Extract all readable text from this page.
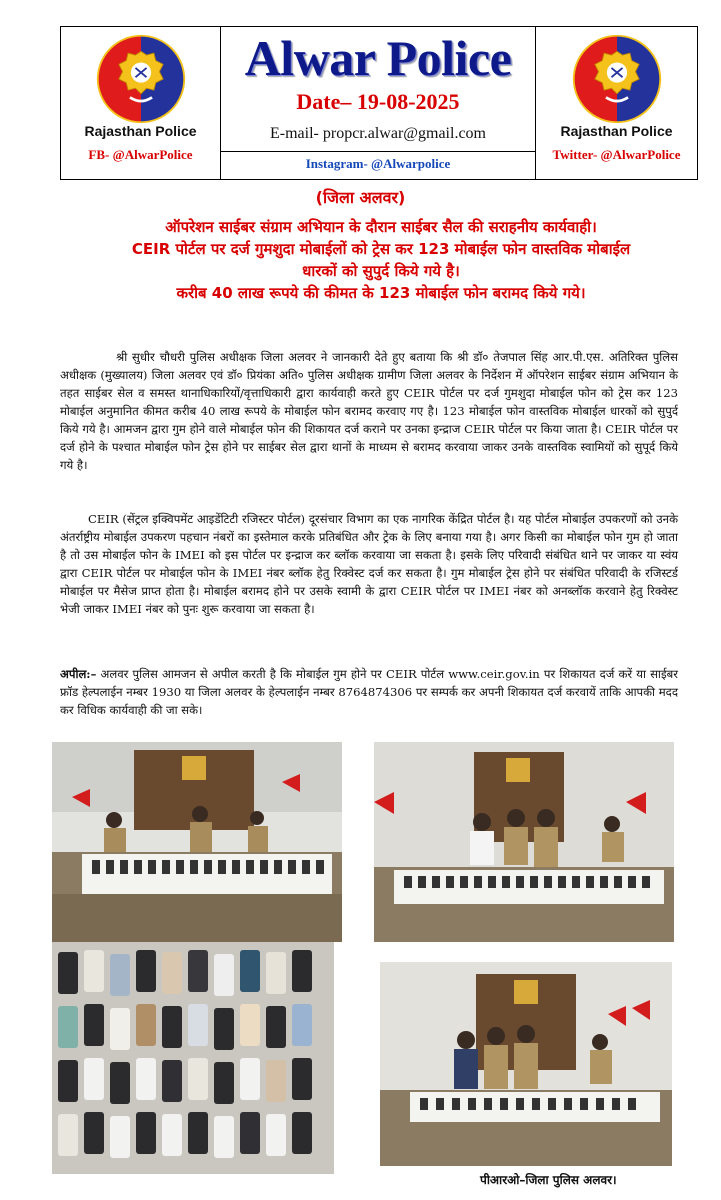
Rajasthan Police
FB- @AlwarPolice
Alwar Police
Date– 19-08-2025
E-mail- propcr.alwar@gmail.com
Instagram- @Alwarpolice
Rajasthan Police
Twitter- @AlwarPolice
(जिला अलवर)
ऑपरेशन साईबर संग्राम अभियान के दौरान साईबर सैल की सराहनीय कार्यवाही।
CEIR पोर्टल पर दर्ज गुमशुदा मोबाईलों को ट्रेस कर 123 मोबाईल फोन वास्तविक मोबाईल
धारकों को सुपुर्द किये गये है।
करीब 40 लाख रूपये की कीमत के 123 मोबाईल फोन बरामद किये गये।

श्री सुधीर चौधरी पुलिस अधीक्षक जिला अलवर ने जानकारी देते हुए बताया कि श्री डॉ० तेजपाल सिंह आर.पी.एस. अतिरिक्त पुलिस अधीक्षक (मुख्यालय) जिला अलवर एवं डॉ० प्रियंका अति० पुलिस अधीक्षक ग्रामीण जिला अलवर के निर्देशन में ऑपरेशन साईबर संग्राम अभियान के तहत साईबर सेल व समस्त थानाधिकारियों/वृत्ताधिकारी द्वारा कार्यवाही करते हुए CEIR पोर्टल पर दर्ज गुमशुदा मोबाईल फोन को ट्रेस कर 123 मोबाईल अनुमानित कीमत करीब 40 लाख रूपये के मोबाईल फोन बरामद करवाए गए है। 123 मोबाईल फोन वास्तविक मोबाईल धारकों को सुपुर्द किये गये है। आमजन द्वारा गुम होने वाले मोबाईल फोन की शिकायत दर्ज कराने पर उनका इन्द्राज CEIR पोर्टल पर किया जाता है। CEIR पोर्टल पर दर्ज होने के पश्चात मोबाईल फोन ट्रेस होने पर साईबर सेल द्वारा थानों के माध्यम से बरामद करवाया जाकर उनके वास्तविक स्वामियों को सुपूर्द किये गये है।

CEIR (सेंट्रल इक्विपमेंट आइडेंटिटी रजिस्टर पोर्टल) दूरसंचार विभाग का एक नागरिक केंद्रित पोर्टल है। यह पोर्टल मोबाईल उपकरणों को उनके अंतर्राष्ट्रीय मोबाईल उपकरण पहचान नंबरों का इस्तेमाल करके प्रतिबंधित और ट्रेक के लिए बनाया गया है। अगर किसी का मोबाईल फोन गुम हो जाता है तो उस मोबाईल फोन के IMEI को इस पोर्टल पर इन्द्राज कर ब्लॉक करवाया जा सकता है। इसके लिए परिवादी संबंधित थाने पर जाकर या स्वंय द्वारा CEIR पोर्टल पर मोबाईल फोन के IMEI नंबर ब्लॉक हेतु रिक्वेस्ट दर्ज कर सकता है। गुम मोबाईल ट्रेस होने पर संबंधित परिवादी के रजिस्टर्ड मोबाईल पर मैसेज प्राप्त होता है। मोबाईल बरामद होने पर उसके स्वामी के द्वारा CEIR पोर्टल पर IMEI नंबर को अनब्लॉक करवाने हेतु रिक्वेस्ट भेजी जाकर IMEI नंबर को पुनः शुरू करवाया जा सकता है।

अपील:– अलवर पुलिस आमजन से अपील करती है कि मोबाईल गुम होने पर CEIR पोर्टल www.ceir.gov.in पर शिकायत दर्ज करें या साईबर फ्रॉड हेल्पलाईन नम्बर 1930 या जिला अलवर के हेल्पलाईन नम्बर 8764874306 पर सम्पर्क कर अपनी शिकायत दर्ज करवायें ताकि आपकी मदद कर विधिक कार्यवाही की जा सके।

पीआरओ–जिला पुलिस अलवर।
